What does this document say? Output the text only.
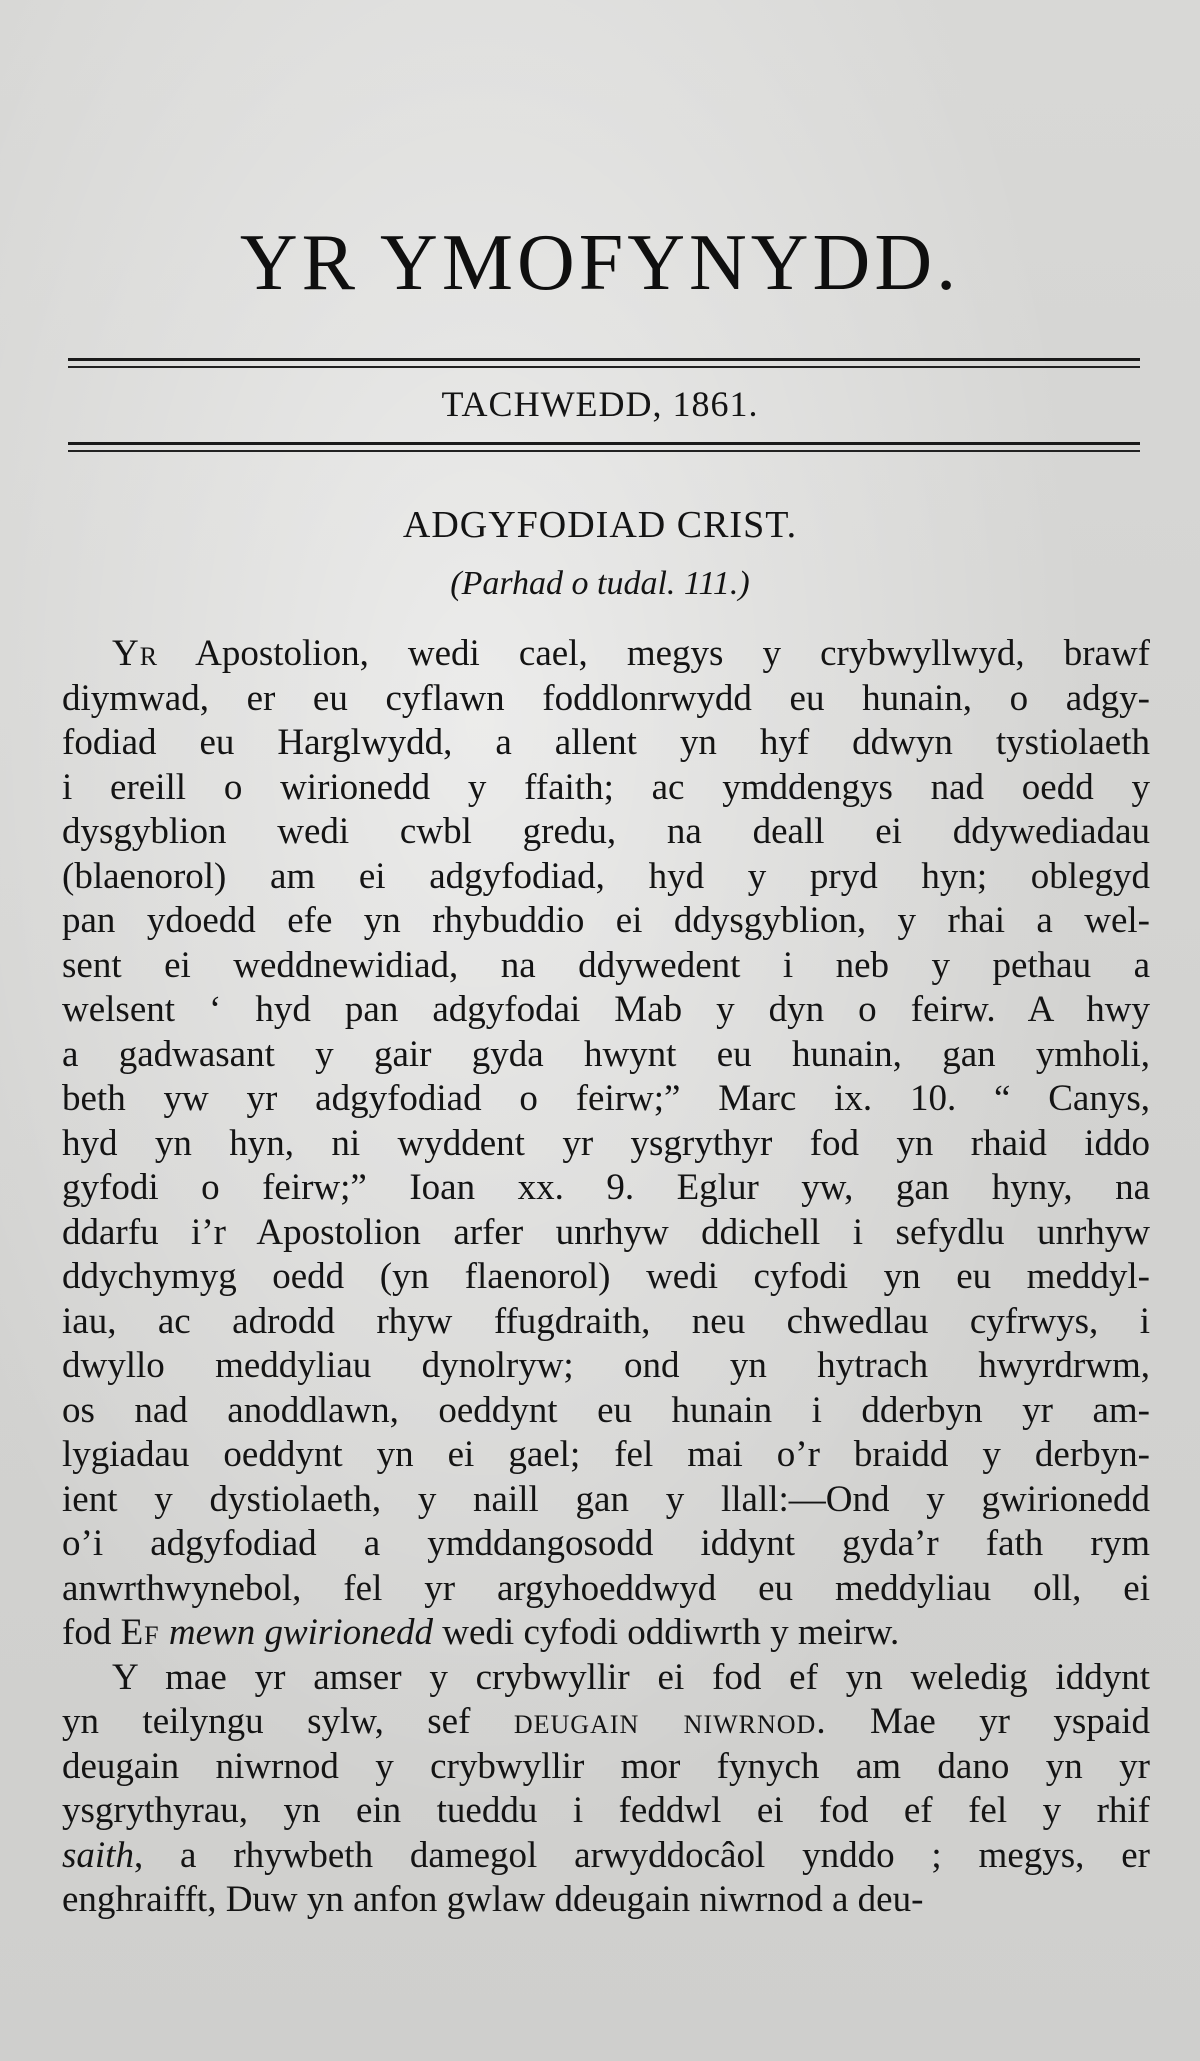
YR YMOFYNYDD.
TACHWEDD, 1861.
ADGYFODIAD CRIST.
(Parhad o tudal. 111.)
Yr Apostolion, wedi cael, megys y crybwyllwyd, brawf
diymwad, er eu cyflawn foddlonrwydd eu hunain, o adgy-
fodiad eu Harglwydd, a allent yn hyf ddwyn tystiolaeth
i ereill o wirionedd y ffaith; ac ymddengys nad oedd y
dysgyblion wedi cwbl gredu, na deall ei ddywediadau
(blaenorol) am ei adgyfodiad, hyd y pryd hyn; oblegyd
pan ydoedd efe yn rhybuddio ei ddysgyblion, y rhai a wel-
sent ei weddnewidiad, na ddywedent i neb y pethau a
welsent ‘ hyd pan adgyfodai Mab y dyn o feirw. A hwy
a gadwasant y gair gyda hwynt eu hunain, gan ymholi,
beth yw yr adgyfodiad o feirw;” Marc ix. 10. “ Canys,
hyd yn hyn, ni wyddent yr ysgrythyr fod yn rhaid iddo
gyfodi o feirw;” Ioan xx. 9. Eglur yw, gan hyny, na
ddarfu i’r Apostolion arfer unrhyw ddichell i sefydlu unrhyw
ddychymyg oedd (yn flaenorol) wedi cyfodi yn eu meddyl-
iau, ac adrodd rhyw ffugdraith, neu chwedlau cyfrwys, i
dwyllo meddyliau dynolryw; ond yn hytrach hwyrdrwm,
os nad anoddlawn, oeddynt eu hunain i dderbyn yr am-
lygiadau oeddynt yn ei gael; fel mai o’r braidd y derbyn-
ient y dystiolaeth, y naill gan y llall:—Ond y gwirionedd
o’i adgyfodiad a ymddangosodd iddynt gyda’r fath rym
anwrthwynebol, fel yr argyhoeddwyd eu meddyliau oll, ei
fod Ef mewn gwirionedd wedi cyfodi oddiwrth y meirw.
Y mae yr amser y crybwyllir ei fod ef yn weledig iddynt
yn teilyngu sylw, sef deugain niwrnod. Mae yr yspaid
deugain niwrnod y crybwyllir mor fynych am dano yn yr
ysgrythyrau, yn ein tueddu i feddwl ei fod ef fel y rhif
saith, a rhywbeth damegol arwyddocâol ynddo ; megys, er
enghraifft, Duw yn anfon gwlaw ddeugain niwrnod a deu-
